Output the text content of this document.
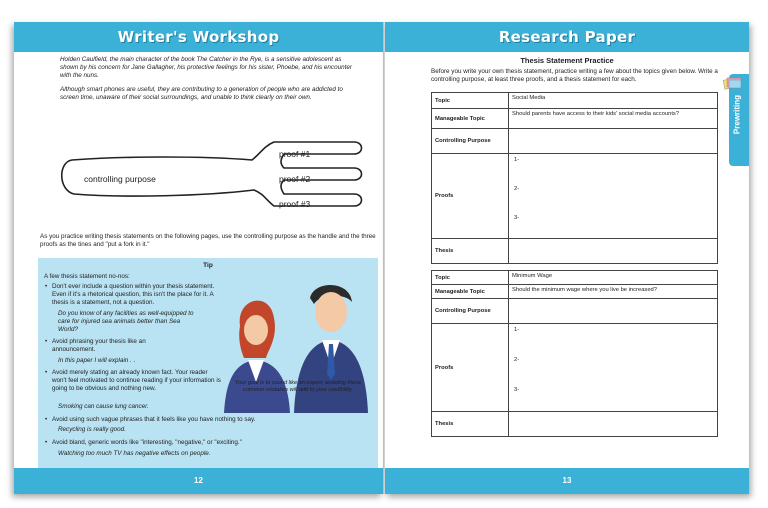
Writer's Workshop

Holden Caulfield, the main character of the book The Catcher in the Rye, is a sensitive adolescent as shown by his concern for Jane Gallagher, his protective feelings for his sister, Phoebe, and his encounter with the nuns.

Although smart phones are useful, they are contributing to a generation of people who are addicted to screen time, unaware of their social surroundings, and unable to think clearly on their own.

controlling purpose
proof #1
proof #2
proof #3
As you practice writing thesis statements on the following pages, use the controlling purpose as the handle and the three proofs as the tines and "put a fork in it."
Tip
A few thesis statement no-nos:
• Don't ever include a question within your thesis statement. Even if it's a rhetorical question, this isn't the place for it. A thesis is a statement, not a question.
Do you know of any facilities as well-equipped to care for injured sea animals better than Sea World?
• Avoid phrasing your thesis like an announcement.
In this paper I will explain . .
• Avoid merely stating an already known fact. Your reader won't feel motivated to continue reading if your information is going to be obvious and nothing new.
Smoking can cause lung cancer.
• Avoid using such vague phrases that it feels like you have nothing to say.
Recycling is really good.
• Avoid bland, generic words like "interesting, "negative," or "exciting."
Watching too much TV has negative effects on people.
Your goal is to sound like an expert; avoiding these common mistakes will add to your credibility.
12
Research Paper
Prewriting
Thesis Statement Practice
Before you write your own thesis statement, practice writing a few about the topics given below. Write a controlling purpose, at least three proofs, and a thesis statement for each.
Topic	Social Media
Manageable Topic	Should parents have access to their kids' social media accounts?
Controlling Purpose	
Proofs	1-
2-
3-

Thesis	
Topic	Minimum Wage
Manageable Topic	Should the minimum wage where you live be increased?
Controlling Purpose	
Proofs	1-
2-
3-

Thesis	
13
